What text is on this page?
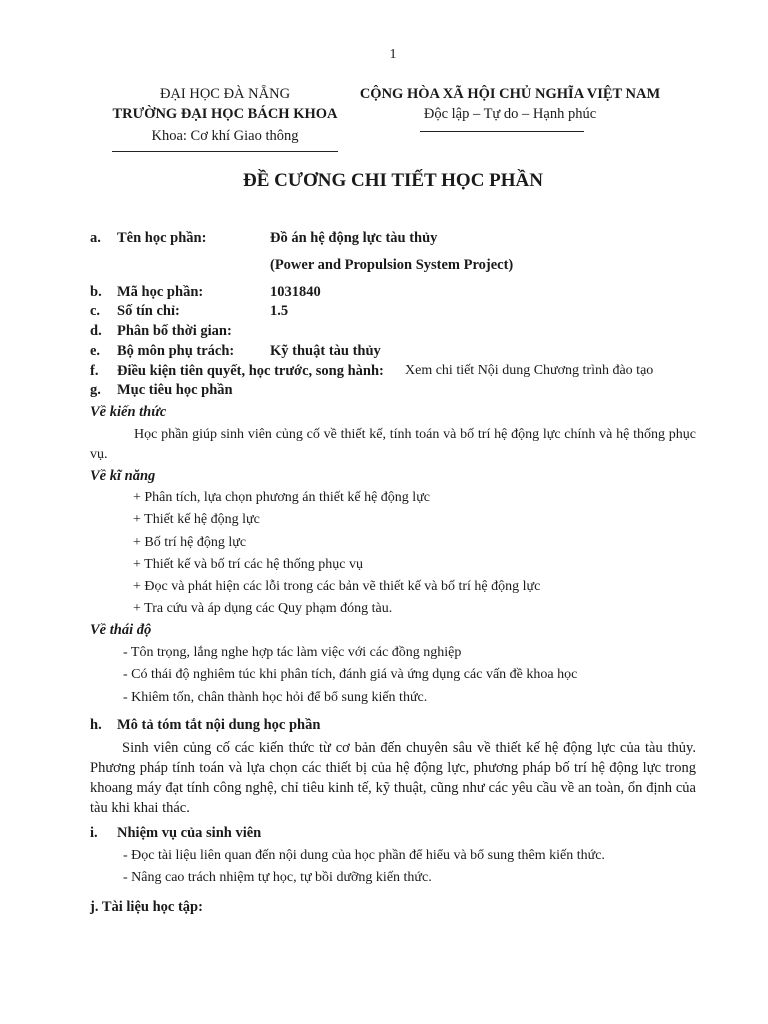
1
ĐẠI HỌC ĐÀ NẴNG
TRƯỜNG ĐẠI HỌC BÁCH KHOA
Khoa: Cơ khí Giao thông
CỘNG HÒA XÃ HỘI CHỦ NGHĨA VIỆT NAM
Độc lập – Tự do – Hạnh phúc
ĐỀ CƯƠNG CHI TIẾT HỌC PHẦN
a. Tên học phần:	Đồ án hệ động lực tàu thủy
(Power and Propulsion System Project)
b. Mã học phần:	1031840
c. Số tín chỉ:	1.5
d. Phân bố thời gian:
e. Bộ môn phụ trách: Kỹ thuật tàu thủy
f. Điều kiện tiên quyết, học trước, song hành: Xem chi tiết Nội dung Chương trình đào tạo
g. Mục tiêu học phần
Về kiến thức
Học phần giúp sinh viên củng cố về thiết kế, tính toán và bố trí hệ động lực chính và hệ thống phục vụ.
Về kĩ năng
+ Phân tích, lựa chọn phương án thiết kế hệ động lực
+ Thiết kế hệ động lực
+ Bố trí hệ động lực
+ Thiết kế và bố trí các hệ thống phục vụ
+ Đọc và phát hiện các lỗi trong các bản vẽ thiết kế và bố trí hệ động lực
+ Tra cứu và áp dụng các Quy phạm đóng tàu.
Về thái độ
- Tôn trọng, lắng nghe hợp tác làm việc với các đồng nghiệp
- Có thái độ nghiêm túc khi phân tích, đánh giá và ứng dụng các vấn đề khoa học
- Khiêm tốn, chân thành học hỏi để bổ sung kiến thức.
h. Mô tả tóm tắt nội dung học phần
Sinh viên củng cố các kiến thức từ cơ bản đến chuyên sâu về thiết kế hệ động lực của tàu thủy. Phương pháp tính toán và lựa chọn các thiết bị của hệ động lực, phương pháp bố trí hệ động lực trong khoang máy đạt tính công nghệ, chỉ tiêu kinh tế, kỹ thuật, cũng như các yêu cầu về an toàn, ổn định của tàu khi khai thác.
i. Nhiệm vụ của sinh viên
- Đọc tài liệu liên quan đến nội dung của học phần để hiểu và bổ sung thêm kiến thức.
- Nâng cao trách nhiệm tự học, tự bồi dưỡng kiến thức.
j. Tài liệu học tập:
